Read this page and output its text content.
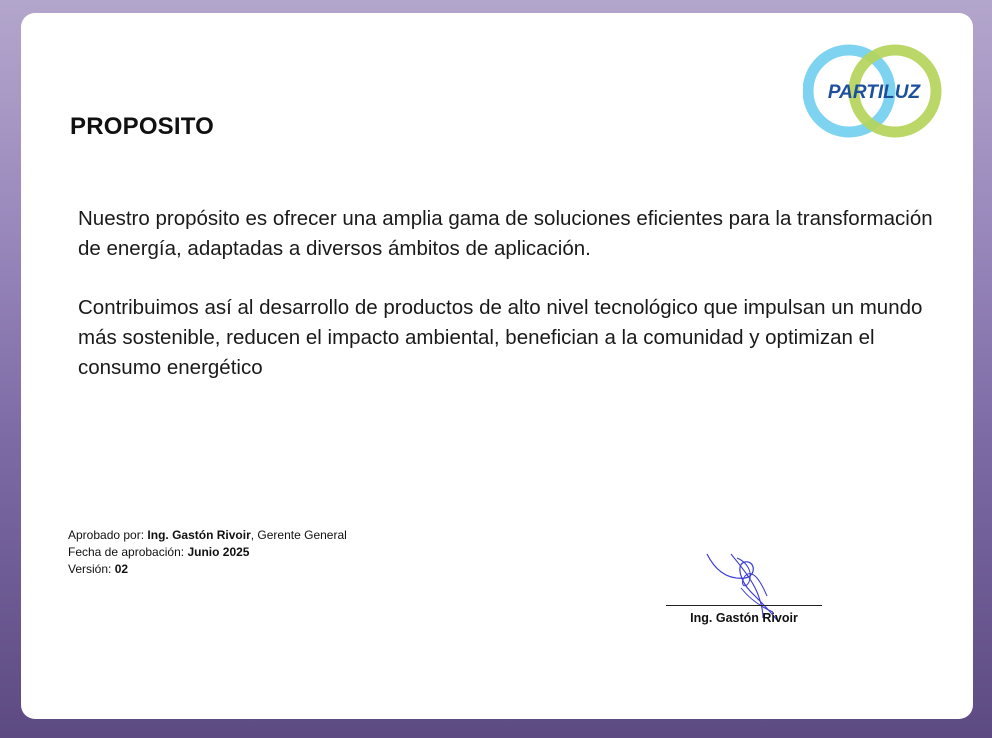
PARTILUZ
PROPOSITO

Nuestro propósito es ofrecer una amplia gama de soluciones eficientes para la transformación de energía, adaptadas a diversos ámbitos de aplicación.

Contribuimos así al desarrollo de productos de alto nivel tecnológico que impulsan un mundo más sostenible, reducen el impacto ambiental, benefician a la comunidad y optimizan el consumo energético

Aprobado por: Ing. Gastón Rivoir, Gerente General
Fecha de aprobación: Junio 2025
Versión: 02
Ing. Gastón Rivoir
